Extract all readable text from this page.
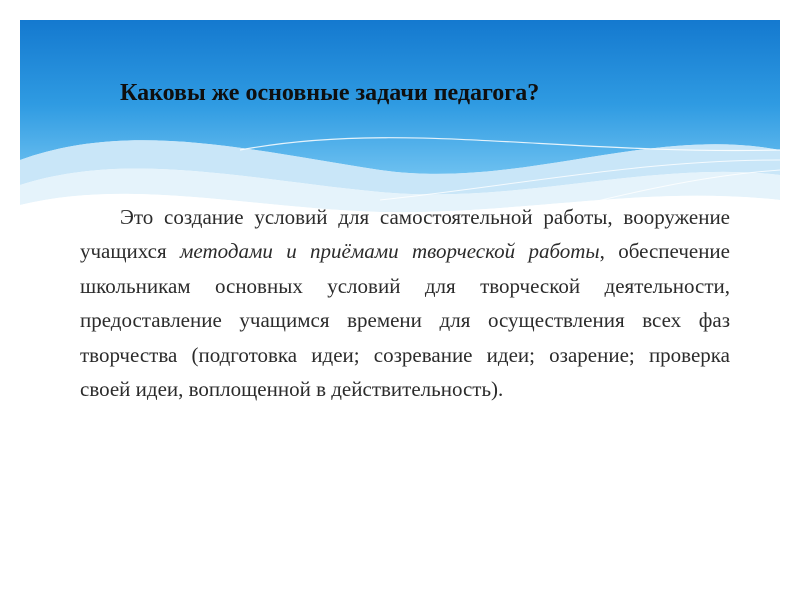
Каковы же основные задачи педагога?

Это создание условий для самостоятельной работы, вооружение учащихся методами и приёмами творческой работы, обеспечение школьникам основных условий для творческой деятельности, предоставление учащимся времени для осуществления всех фаз творчества (подготовка идеи; созревание идеи; озарение; проверка своей идеи, воплощенной в действительность).
